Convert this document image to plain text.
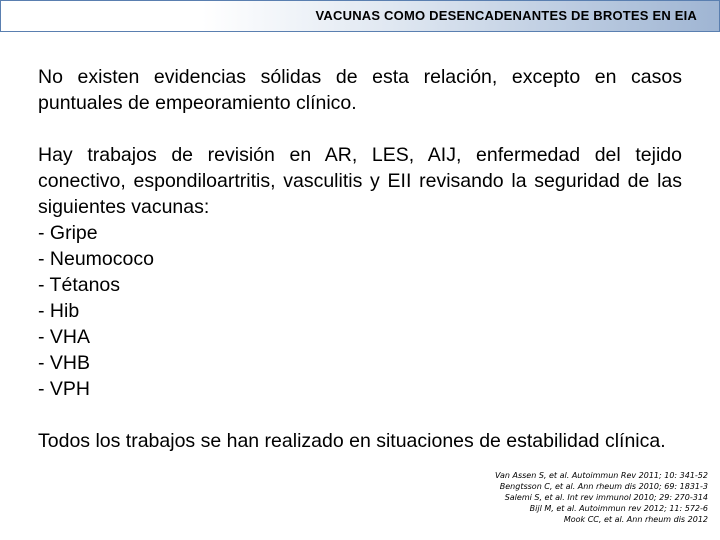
VACUNAS COMO DESENCADENANTES DE BROTES EN EIA

No existen evidencias sólidas de esta relación, excepto en casos puntuales de empeoramiento clínico.

Hay trabajos de revisión en AR, LES, AIJ, enfermedad del tejido conectivo, espondiloartritis, vasculitis y EII revisando la seguridad de las siguientes vacunas:

- Gripe
- Neumococo
- Tétanos
- Hib
- VHA
- VHB
- VPH

Todos los trabajos se han realizado en situaciones de estabilidad clínica.

Van Assen S, et al. Autoimmun Rev 2011; 10: 341-52
Bengtsson C, et al. Ann rheum dis 2010; 69: 1831-3
Salemi S, et al. Int rev immunol 2010; 29: 270-314
Bijl M, et al. Autoimmun rev 2012; 11: 572-6
Mook CC, et al. Ann rheum dis 2012
